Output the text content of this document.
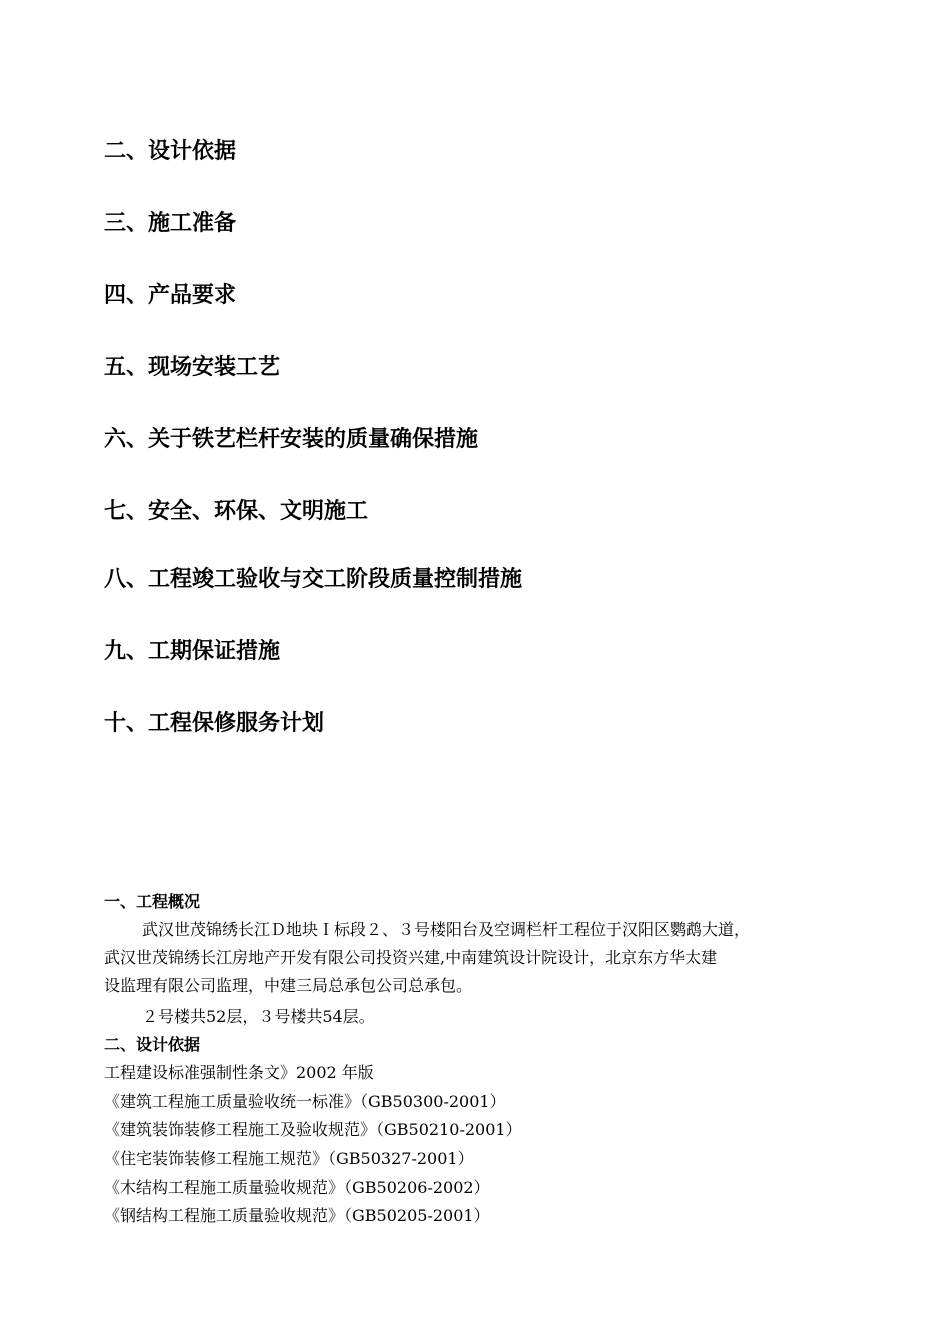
二、设计依据
三、施工准备
四、产品要求
五、现场安装工艺
六、关于铁艺栏杆安装的质量确保措施
七、安全、环保、文明施工
八、工程竣工验收与交工阶段质量控制措施
九、工期保证措施
十、工程保修服务计划
一、工程概况
武汉世茂锦绣长江Ｄ地块Ｉ标段２、３号楼阳台及空调栏杆工程位于汉阳区鹦鹉大道，
武汉世茂锦绣长江房地产开发有限公司投资兴建,中南建筑设计院设计，北京东方华太建
设监理有限公司监理，中建三局总承包公司总承包。
２号楼共52层，３号楼共54层。
二、设计依据
工程建设标准强制性条文》2002 年版
《建筑工程施工质量验收统一标准》（GB50300-2001）
《建筑装饰装修工程施工及验收规范》（GB50210-2001）
《住宅装饰装修工程施工规范》（GB50327-2001）
《木结构工程施工质量验收规范》（GB50206-2002）
《钢结构工程施工质量验收规范》（GB50205-2001）
